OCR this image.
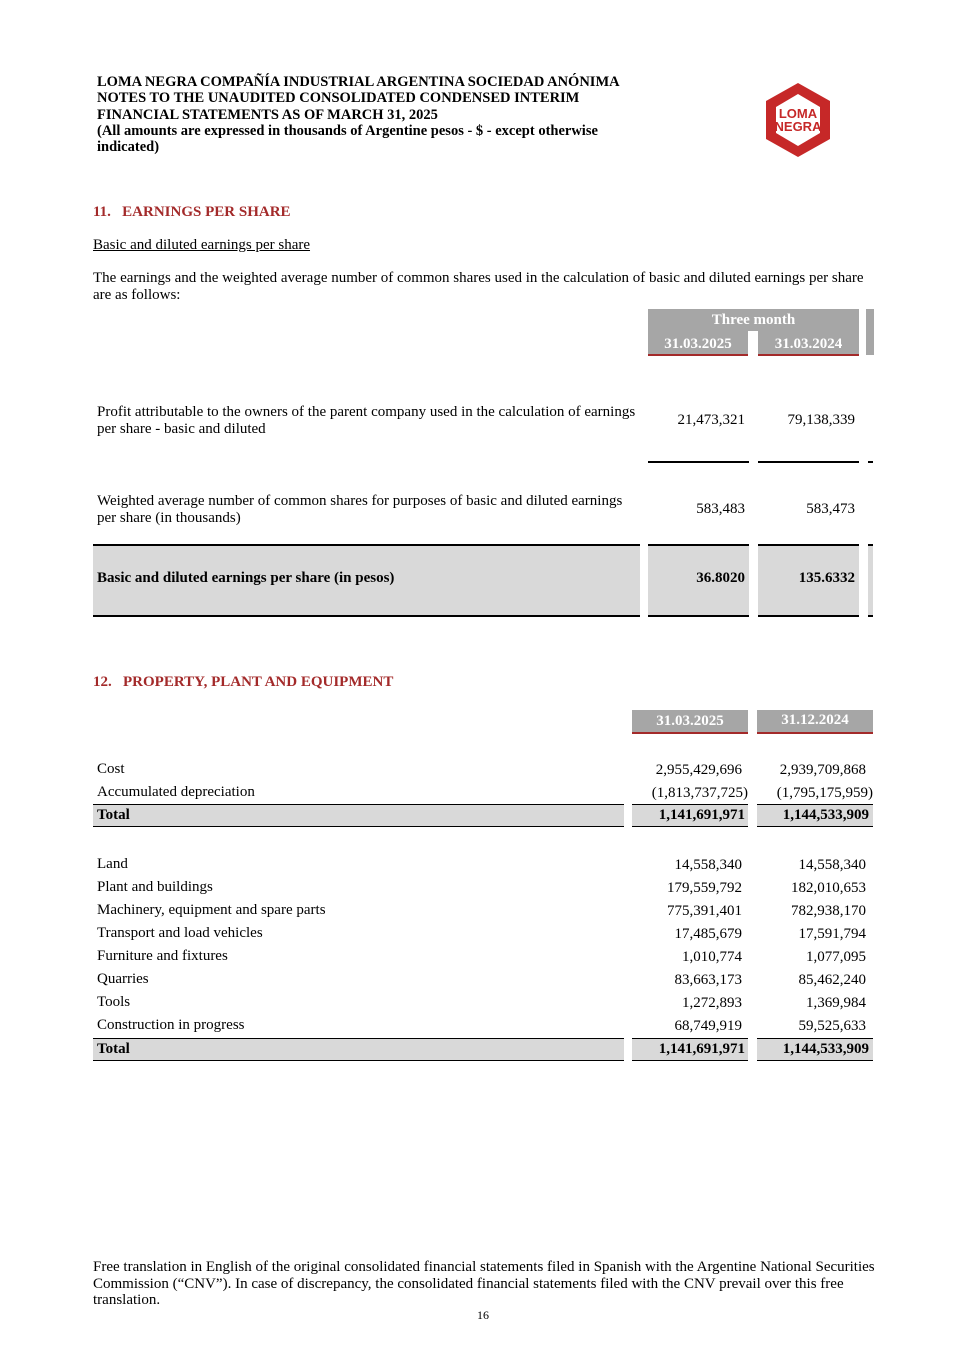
LOMA NEGRA COMPAÑÍA INDUSTRIAL ARGENTINA SOCIEDAD ANÓNIMA
NOTES TO THE UNAUDITED CONSOLIDATED CONDENSED INTERIM
FINANCIAL STATEMENTS AS OF MARCH 31, 2025
(All amounts are expressed in thousands of Argentine pesos - $ - except otherwise
indicated)
LOMA
NEGRA
11.   EARNINGS PER SHARE
Basic and diluted earnings per share
The earnings and the weighted average number of common shares used in the calculation of basic and diluted earnings per share are as follows:
Three month
31.03.2025	31.03.2024
Profit attributable to the owners of the parent company used in the calculation of earnings per share - basic and diluted
21,473,321	79,138,339
Weighted average number of common shares for purposes of basic and diluted earnings per share (in thousands)
583,483	583,473
Basic and diluted earnings per share (in pesos)	36.8020	135.6332
12.   PROPERTY, PLANT AND EQUIPMENT
31.03.2025	31.12.2024
Cost	2,955,429,696	2,939,709,868
Accumulated depreciation	(1,813,737,725)	(1,795,175,959)
Total	1,141,691,971	1,144,533,909
Land	14,558,340	14,558,340
Plant and buildings	179,559,792	182,010,653
Machinery, equipment and spare parts	775,391,401	782,938,170
Transport and load vehicles	17,485,679	17,591,794
Furniture and fixtures	1,010,774	1,077,095
Quarries	83,663,173	85,462,240
Tools	1,272,893	1,369,984
Construction in progress	68,749,919	59,525,633
Total	1,141,691,971	1,144,533,909
Free translation in English of the original consolidated financial statements filed in Spanish with the Argentine National Securities Commission (“CNV”). In case of discrepancy, the consolidated financial statements filed with the CNV prevail over this free translation.
16
